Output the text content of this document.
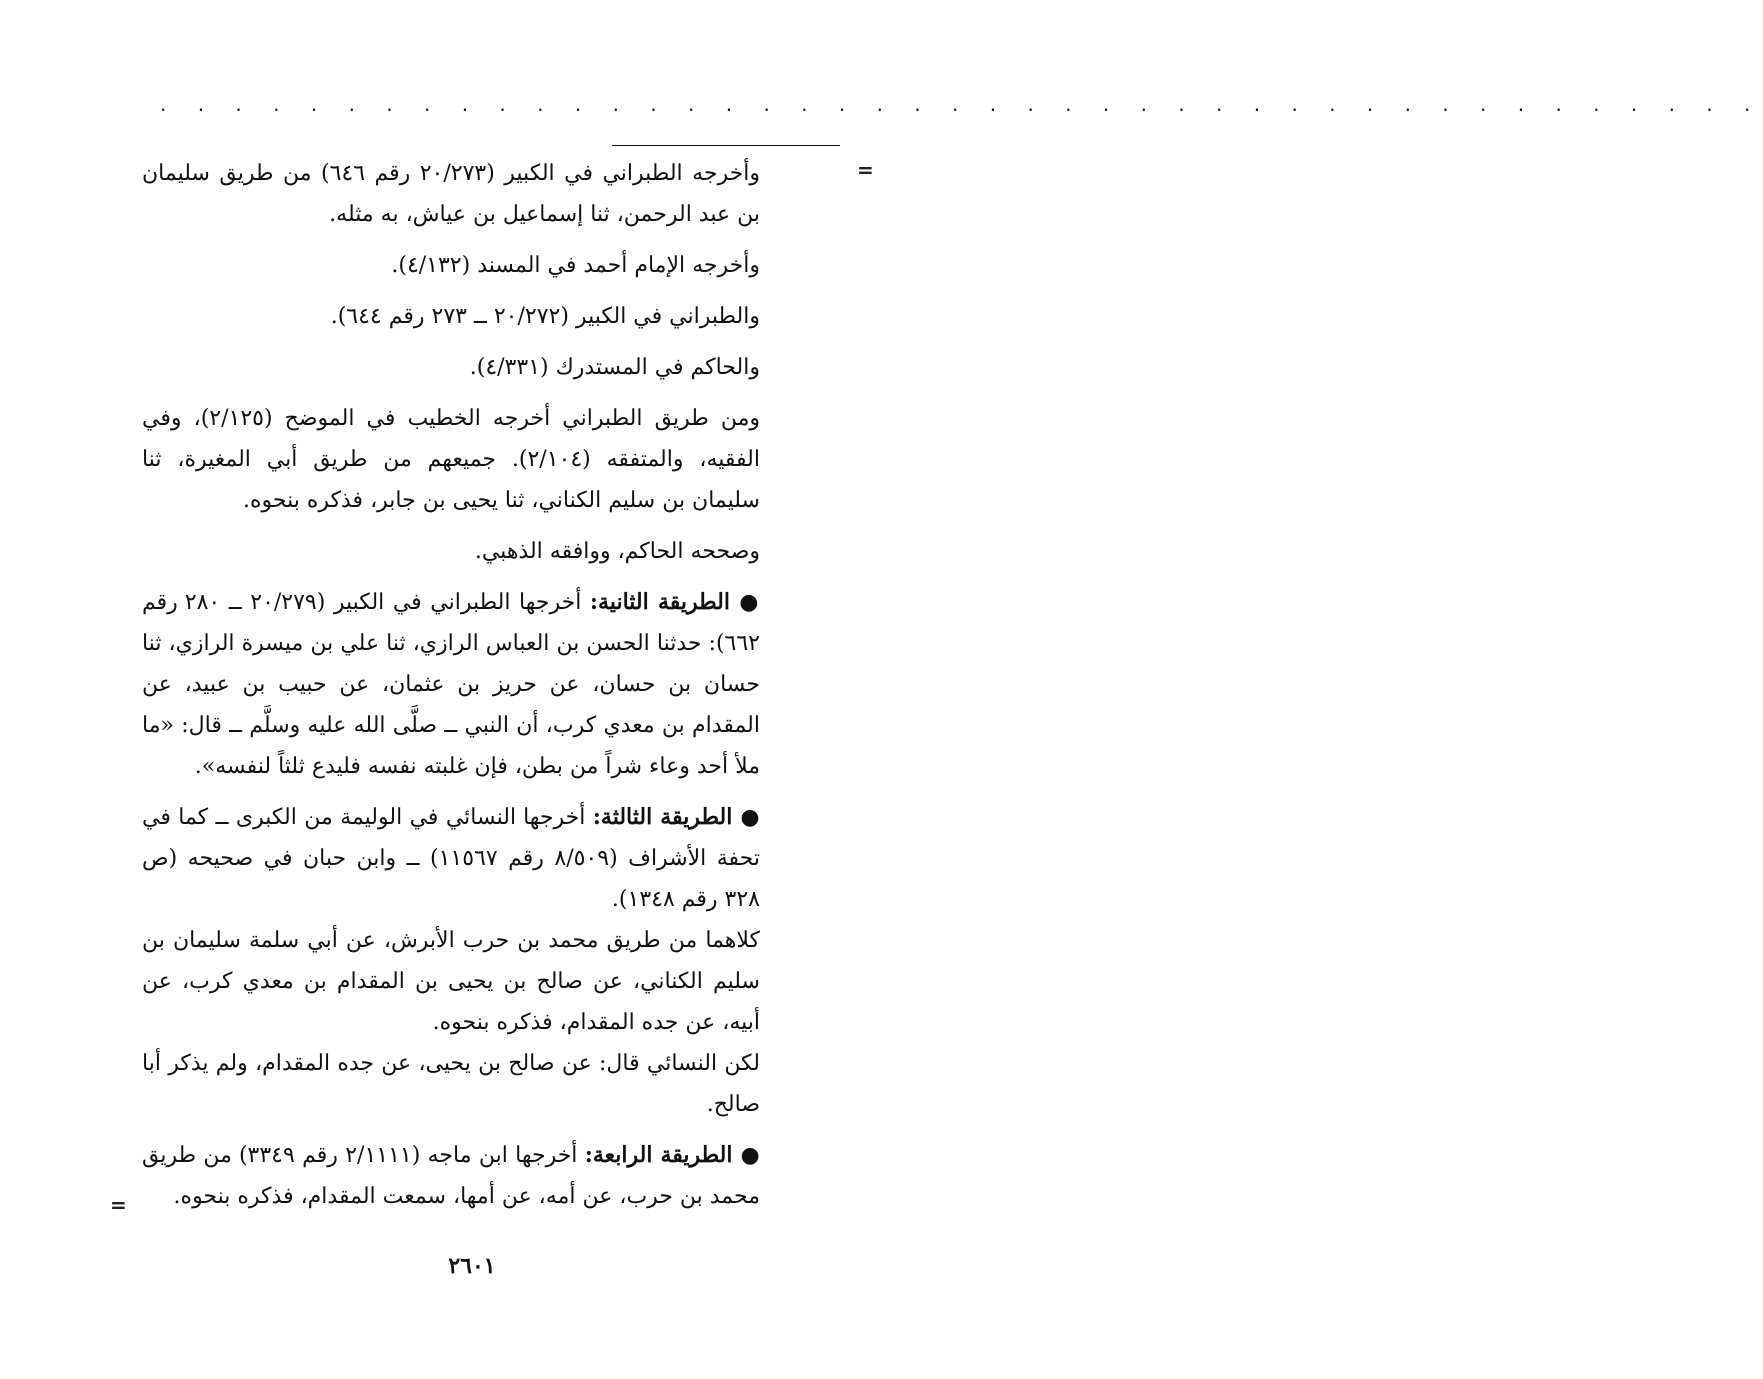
. . . . . . . . . . . . . . . . . . . . . . . . . . . . . . . . . . . . . . . . . . .
=

وأخرجه الطبراني في الكبير (٢٠/٢٧٣ رقم ٦٤٦) من طريق سليمان بن عبد الرحمن، ثنا إسماعيل بن عياش، به مثله.

وأخرجه الإمام أحمد في المسند (٤/١٣٢).

والطبراني في الكبير (٢٠/٢٧٢ ــ ٢٧٣ رقم ٦٤٤).

والحاكم في المستدرك (٤/٣٣١).

ومن طريق الطبراني أخرجه الخطيب في الموضح (٢/١٢٥)، وفي الفقيه، والمتفقه (٢/١٠٤). جميعهم من طريق أبي المغيرة، ثنا سليمان بن سليم الكناني، ثنا يحيى بن جابر، فذكره بنحوه.

وصححه الحاكم، ووافقه الذهبي.

● الطريقة الثانية: أخرجها الطبراني في الكبير (٢٠/٢٧٩ ــ ٢٨٠ رقم ٦٦٢): حدثنا الحسن بن العباس الرازي، ثنا علي بن ميسرة الرازي، ثنا حسان بن حسان، عن حريز بن عثمان، عن حبيب بن عبيد، عن المقدام بن معدي كرب، أن النبي ــ صلَّى الله عليه وسلَّم ــ قال: «ما ملأ أحد وعاء شراً من بطن، فإن غلبته نفسه فليدع ثلثاً لنفسه».

● الطريقة الثالثة: أخرجها النسائي في الوليمة من الكبرى ــ كما في تحفة الأشراف (٨/٥٠٩ رقم ١١٥٦٧) ــ وابن حبان في صحيحه (ص ٣٢٨ رقم ١٣٤٨).

كلاهما من طريق محمد بن حرب الأبرش، عن أبي سلمة سليمان بن سليم الكناني، عن صالح بن يحيى بن المقدام بن معدي كرب، عن أبيه، عن جده المقدام، فذكره بنحوه.

لكن النسائي قال: عن صالح بن يحيى، عن جده المقدام، ولم يذكر أبا صالح.

● الطريقة الرابعة: أخرجها ابن ماجه (٢/١١١١ رقم ٣٣٤٩) من طريق محمد بن حرب، عن أمه، عن أمها، سمعت المقدام، فذكره بنحوه.

=
٢٦٠١
